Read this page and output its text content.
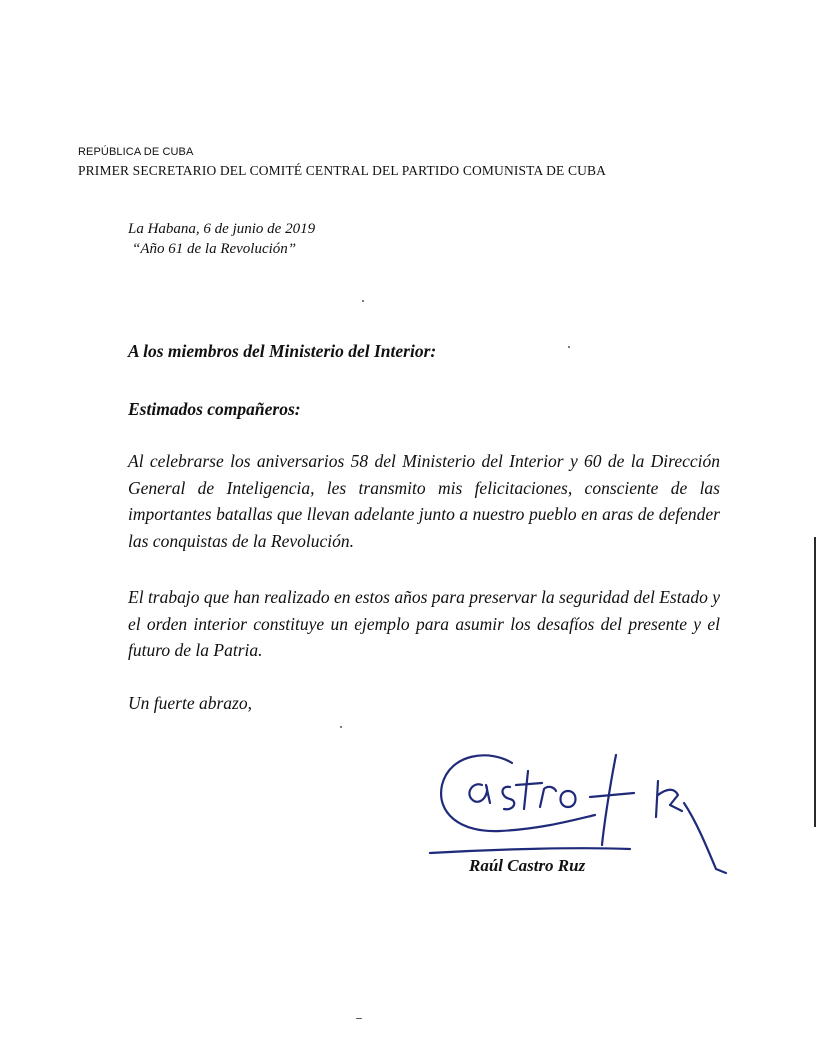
REPÚBLICA DE CUBA
PRIMER SECRETARIO DEL COMITÉ CENTRAL DEL PARTIDO COMUNISTA DE CUBA
La Habana, 6 de junio de 2019
“Año 61 de la Revolución”
A los miembros del Ministerio del Interior:
Estimados compañeros:

Al celebrarse los aniversarios 58 del Ministerio del Interior y 60 de la Dirección General de Inteligencia, les transmito mis felicitaciones, consciente de las importantes batallas que llevan adelante junto a nuestro pueblo en aras de defender las conquistas de la Revolución.

El trabajo que han realizado en estos años para preservar la seguridad del Estado y el orden interior constituye un ejemplo para asumir los desafíos del presente y el futuro de la Patria.

Un fuerte abrazo,
Raúl Castro Ruz
